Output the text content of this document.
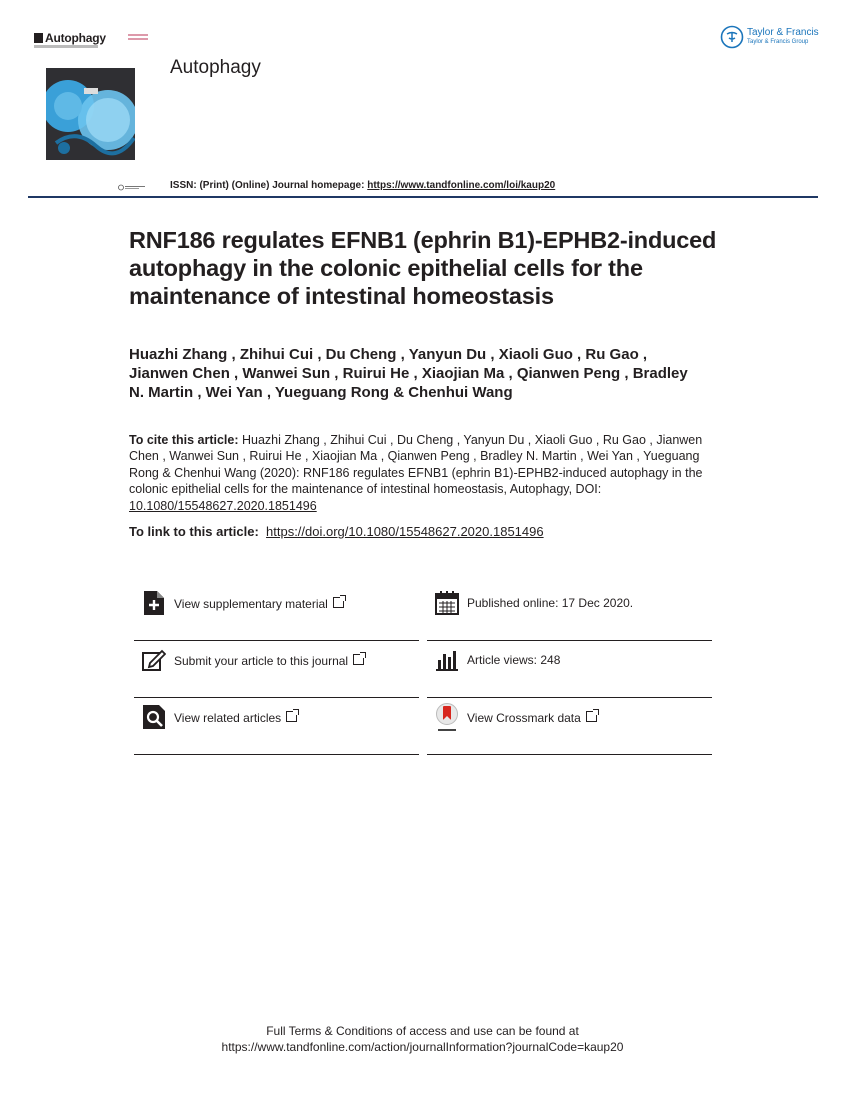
Autophagy
Autophagy
Taylor & Francis
Taylor & Francis Group
ISSN: (Print) (Online) Journal homepage: https://www.tandfonline.com/loi/kaup20
RNF186 regulates EFNB1 (ephrin B1)-EPHB2-induced autophagy in the colonic epithelial cells for the maintenance of intestinal homeostasis
Huazhi Zhang , Zhihui Cui , Du Cheng , Yanyun Du , Xiaoli Guo , Ru Gao , Jianwen Chen , Wanwei Sun , Ruirui He , Xiaojian Ma , Qianwen Peng , Bradley N. Martin , Wei Yan , Yueguang Rong & Chenhui Wang
To cite this article: Huazhi Zhang , Zhihui Cui , Du Cheng , Yanyun Du , Xiaoli Guo , Ru Gao , Jianwen Chen , Wanwei Sun , Ruirui He , Xiaojian Ma , Qianwen Peng , Bradley N. Martin , Wei Yan , Yueguang Rong & Chenhui Wang (2020): RNF186 regulates EFNB1 (ephrin B1)-EPHB2-induced autophagy in the colonic epithelial cells for the maintenance of intestinal homeostasis, Autophagy, DOI: 10.1080/15548627.2020.1851496
To link to this article: https://doi.org/10.1080/15548627.2020.1851496
View supplementary material	Published online: 17 Dec 2020.
Submit your article to this journal	Article views: 248
View related articles	View Crossmark data
Full Terms & Conditions of access and use can be found at
https://www.tandfonline.com/action/journalInformation?journalCode=kaup20
